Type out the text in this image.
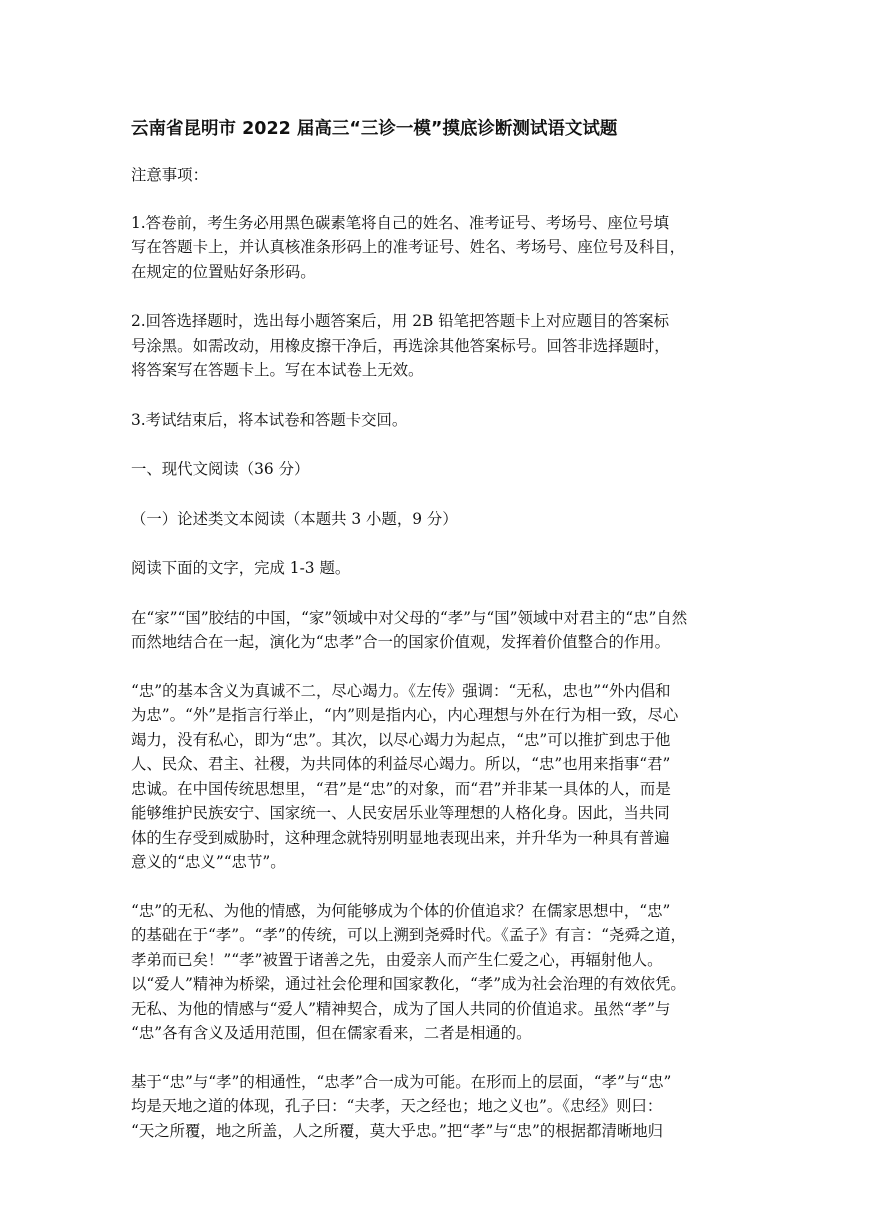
云南省昆明市 2022 届高三“三诊一模”摸底诊断测试语文试题
注意事项：
1.答卷前，考生务必用黑色碳素笔将自己的姓名、准考证号、考场号、座位号填
写在答题卡上，并认真核准条形码上的准考证号、姓名、考场号、座位号及科目，
在规定的位置贴好条形码。
2.回答选择题时，选出每小题答案后，用 2B 铅笔把答题卡上对应题目的答案标
号涂黑。如需改动，用橡皮擦干净后，再选涂其他答案标号。回答非选择题时，
将答案写在答题卡上。写在本试卷上无效。
3.考试结束后，将本试卷和答题卡交回。
一、现代文阅读（36 分）
（一）论述类文本阅读（本题共 3 小题，9 分）
阅读下面的文字，完成 1-3 题。
在“家”“国”胶结的中国，“家”领域中对父母的“孝”与“国”领域中对君主的“忠”自然
而然地结合在一起，演化为“忠孝”合一的国家价值观，发挥着价值整合的作用。
“忠”的基本含义为真诚不二，尽心竭力。《左传》强调：“无私，忠也”“外内倡和
为忠”。“外”是指言行举止，“内”则是指内心，内心理想与外在行为相一致，尽心
竭力，没有私心，即为“忠”。其次，以尽心竭力为起点，“忠”可以推扩到忠于他
人、民众、君主、社稷，为共同体的利益尽心竭力。所以，“忠”也用来指事“君”
忠诚。在中国传统思想里，“君”是“忠”的对象，而“君”并非某一具体的人，而是
能够维护民族安宁、国家统一、人民安居乐业等理想的人格化身。因此，当共同
体的生存受到威胁时，这种理念就特别明显地表现出来，并升华为一种具有普遍
意义的“忠义”“忠节”。
“忠”的无私、为他的情感，为何能够成为个体的价值追求？在儒家思想中，“忠”
的基础在于“孝”。“孝”的传统，可以上溯到尧舜时代。《孟子》有言：“尧舜之道，
孝弟而已矣！”“孝”被置于诸善之先，由爱亲人而产生仁爱之心，再辐射他人。
以“爱人”精神为桥梁，通过社会伦理和国家教化，“孝”成为社会治理的有效依凭。
无私、为他的情感与“爱人”精神契合，成为了国人共同的价值追求。虽然“孝”与
“忠”各有含义及适用范围，但在儒家看来，二者是相通的。
基于“忠”与“孝”的相通性，“忠孝”合一成为可能。在形而上的层面，“孝”与“忠”
均是天地之道的体现，孔子曰：“夫孝，天之经也；地之义也”。《忠经》则曰：
“天之所覆，地之所盖，人之所覆，莫大乎忠。”把“孝”与“忠”的根据都清晰地归
